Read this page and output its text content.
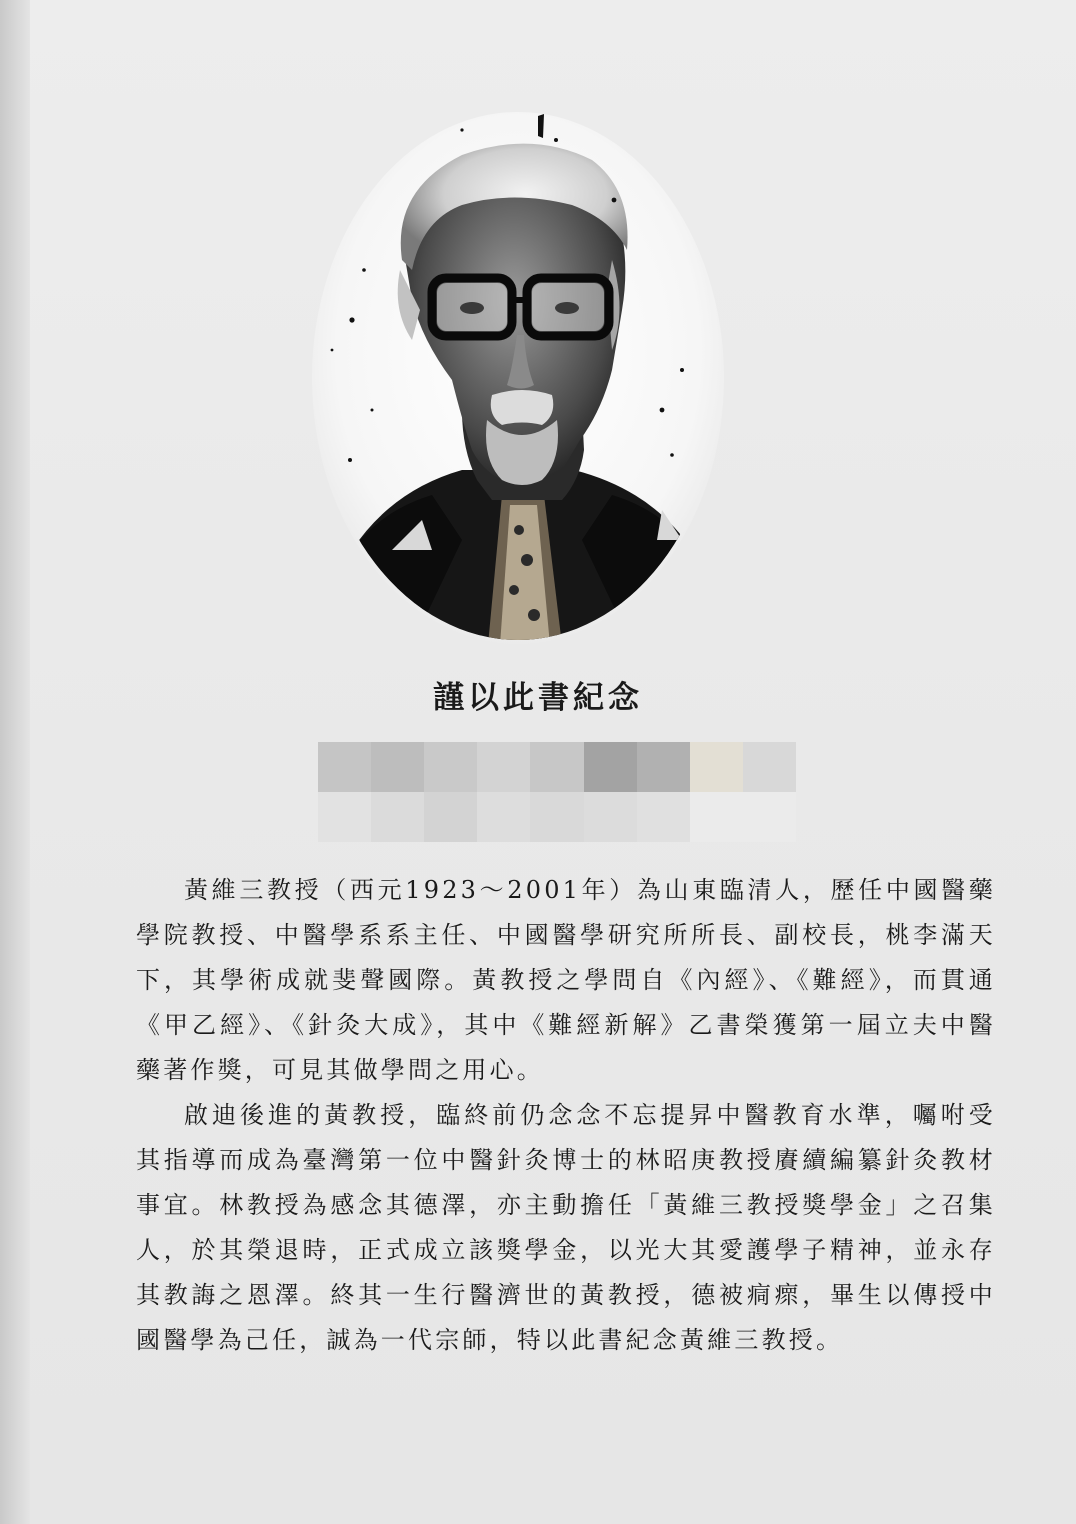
謹以此書紀念

黃維三教授（西元1923～2001年）為山東臨清人，歷任中國醫藥學院教授、中醫學系系主任、中國醫學研究所所長、副校長，桃李滿天下，其學術成就斐聲國際。黃教授之學問自《內經》、《難經》，而貫通《甲乙經》、《針灸大成》，其中《難經新解》乙書榮獲第一屆立夫中醫藥著作獎，可見其做學問之用心。

啟迪後進的黃教授，臨終前仍念念不忘提昇中醫教育水準，囑咐受其指導而成為臺灣第一位中醫針灸博士的林昭庚教授賡續編纂針灸教材事宜。林教授為感念其德澤，亦主動擔任「黃維三教授獎學金」之召集人，於其榮退時，正式成立該獎學金，以光大其愛護學子精神，並永存其教誨之恩澤。終其一生行醫濟世的黃教授，德被痌瘝，畢生以傳授中國醫學為己任，誠為一代宗師，特以此書紀念黃維三教授。
